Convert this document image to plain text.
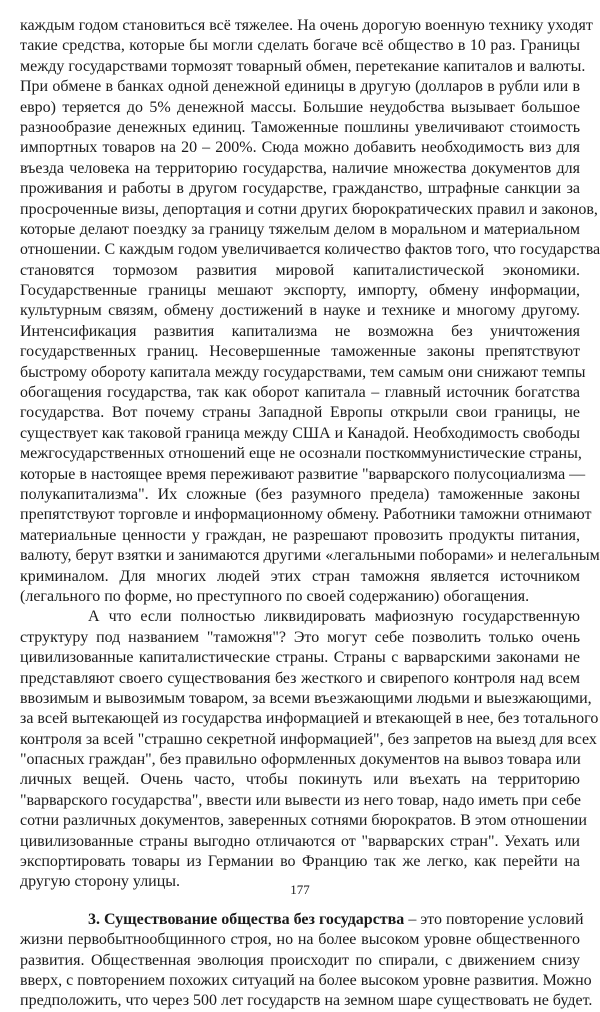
каждым годом становиться всё тяжелее. На очень дорогую военную технику уходят
такие средства, которые бы могли сделать богаче всё общество в 10 раз. Границы
между государствами тормозят товарный обмен, перетекание капиталов и валюты.
При обмене в банках одной денежной единицы в другую (долларов в рубли или в
евро) теряется до 5% денежной массы. Большие неудобства вызывает большое
разнообразие денежных единиц. Таможенные пошлины увеличивают стоимость
импортных товаров на 20 – 200%. Сюда можно добавить необходимость виз для
въезда человека на территорию государства, наличие множества документов для
проживания и работы в другом государстве, гражданство, штрафные санкции за
просроченные визы, депортация и сотни других бюрократических правил и законов,
которые делают поездку за границу тяжелым делом в моральном и материальном
отношении. С каждым годом увеличивается количество фактов того, что государства
становятся тормозом развития мировой капиталистической экономики.
Государственные границы мешают экспорту, импорту, обмену информации,
культурным связям, обмену достижений в науке и технике и многому другому.
Интенсификация развития капитализма не возможна без уничтожения
государственных границ. Несовершенные таможенные законы препятствуют
быстрому обороту капитала между государствами, тем самым они снижают темпы
обогащения государства, так как оборот капитала – главный источник богатства
государства. Вот почему страны Западной Европы открыли свои границы, не
существует как таковой граница между США и Канадой. Необходимость свободы
межгосударственных отношений еще не осознали посткоммунистические страны,
которые в настоящее время переживают развитие "варварского полусоциализма —
полукапитализма". Их сложные (без разумного предела) таможенные законы
препятствуют торговле и информационному обмену. Работники таможни отнимают
материальные ценности у граждан, не разрешают провозить продукты питания,
валюту, берут взятки и занимаются другими «легальными поборами» и нелегальным
криминалом. Для многих людей этих стран таможня является источником
(легального по форме, но преступного по своей содержанию) обогащения.
А что если полностью ликвидировать мафиозную государственную
структуру под названием "таможня"? Это могут себе позволить только очень
цивилизованные капиталистические страны. Страны с варварскими законами не
представляют своего существования без жесткого и свирепого контроля над всем
ввозимым и вывозимым товаром, за всеми въезжающими людьми и выезжающими,
за всей вытекающей из государства информацией и втекающей в нее, без тотального
контроля за всей "страшно секретной информацией", без запретов на выезд для всех
"опасных граждан", без правильно оформленных документов на вывоз товара или
личных вещей. Очень часто, чтобы покинуть или въехать на территорию
"варварского государства", ввести или вывести из него товар, надо иметь при себе
сотни различных документов, заверенных сотнями бюрократов. В этом отношении
цивилизованные страны выгодно отличаются от "варварских стран". Уехать или
экспортировать товары из Германии во Францию так же легко, как перейти на
другую сторону улицы.
3. Существование общества без государства – это повторение условий
жизни первобытнообщинного строя, но на более высоком уровне общественного
развития. Общественная эволюция происходит по спирали, с движением снизу
вверх, с повторением похожих ситуаций на более высоком уровне развития. Можно
предположить, что через 500 лет государств на земном шаре существовать не будет.
177
